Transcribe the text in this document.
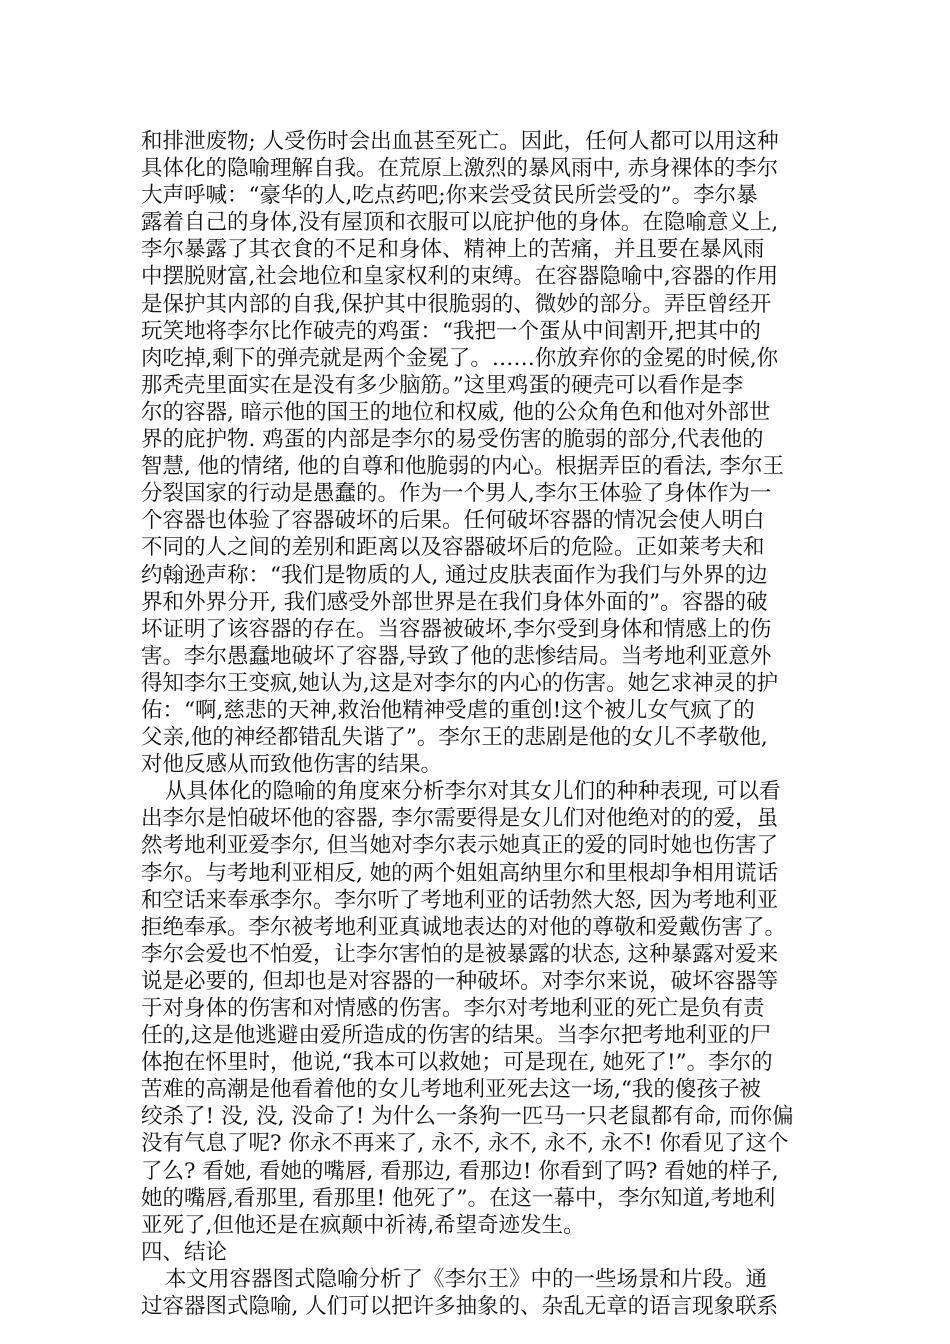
和排泄废物; 人受伤时会出血甚至死亡。因此，任何人都可以用这种
具体化的隐喻理解自我。在荒原上激烈的暴风雨中, 赤身裸体的李尔
大声呼喊：“豪华的人,吃点药吧;你来尝受贫民所尝受的”。李尔暴
露着自己的身体,没有屋顶和衣服可以庇护他的身体。在隐喻意义上,
李尔暴露了其衣食的不足和身体、精神上的苦痛，并且要在暴风雨
中摆脱财富,社会地位和皇家权利的束缚。在容器隐喻中,容器的作用
是保护其内部的自我,保护其中很脆弱的、微妙的部分。弄臣曾经开
玩笑地将李尔比作破壳的鸡蛋：“我把一个蛋从中间割开,把其中的
肉吃掉,剩下的弹壳就是两个金冕了。……你放弃你的金冕的时候,你
那秃壳里面实在是没有多少脑筋。”这里鸡蛋的硬壳可以看作是李
尔的容器, 暗示他的国王的地位和权威, 他的公众角色和他对外部世
界的庇护物. 鸡蛋的内部是李尔的易受伤害的脆弱的部分,代表他的
智慧, 他的情绪, 他的自尊和他脆弱的内心。根据弄臣的看法, 李尔王
分裂国家的行动是愚蠢的。作为一个男人,李尔王体验了身体作为一
个容器也体验了容器破坏的后果。任何破坏容器的情况会使人明白
不同的人之间的差别和距离以及容器破坏后的危险。正如莱考夫和
约翰逊声称：“我们是物质的人, 通过皮肤表面作为我们与外界的边
界和外界分开, 我们感受外部世界是在我们身体外面的”。容器的破
坏证明了该容器的存在。当容器被破坏,李尔受到身体和情感上的伤
害。李尔愚蠢地破坏了容器,导致了他的悲惨结局。当考地利亚意外
得知李尔王变疯,她认为,这是对李尔的内心的伤害。她乞求神灵的护
佑：“啊,慈悲的天神,救治他精神受虐的重创!这个被儿女气疯了的
父亲,他的神经都错乱失谐了”。李尔王的悲剧是他的女儿不孝敬他,
对他反感从而致他伤害的结果。
从具体化的隐喻的角度來分析李尔对其女儿们的种种表现, 可以看
出李尔是怕破坏他的容器, 李尔需要得是女儿们对他绝对的的爱，虽
然考地利亚爱李尔, 但当她对李尔表示她真正的爱的同时她也伤害了
李尔。与考地利亚相反, 她的两个姐姐高纳里尔和里根却争相用谎话
和空话来奉承李尔。李尔听了考地利亚的话勃然大怒, 因为考地利亚
拒绝奉承。李尔被考地利亚真诚地表达的对他的尊敬和爱戴伤害了。
李尔会爱也不怕爱，让李尔害怕的是被暴露的状态, 这种暴露对爱来
说是必要的, 但却也是对容器的一种破坏。对李尔来说，破坏容器等
于对身体的伤害和对情感的伤害。李尔对考地利亚的死亡是负有责
任的,这是他逃避由爱所造成的伤害的结果。当李尔把考地利亚的尸
体抱在怀里时，他说,“我本可以救她；可是现在, 她死了!”。李尔的
苦难的高潮是他看着他的女儿考地利亚死去这一场,“我的傻孩子被
绞杀了! 没, 没, 没命了! 为什么一条狗一匹马一只老鼠都有命, 而你偏
没有气息了呢? 你永不再来了, 永不, 永不, 永不, 永不! 你看见了这个
了么? 看她, 看她的嘴唇, 看那边, 看那边! 你看到了吗? 看她的样子,
她的嘴唇,看那里, 看那里! 他死了”。在这一幕中，李尔知道,考地利
亚死了,但他还是在疯颠中祈祷,希望奇迹发生。
四、结论
本文用容器图式隐喻分析了《李尔王》中的一些场景和片段。通
过容器图式隐喻, 人们可以把许多抽象的、杂乱无章的语言现象联系
